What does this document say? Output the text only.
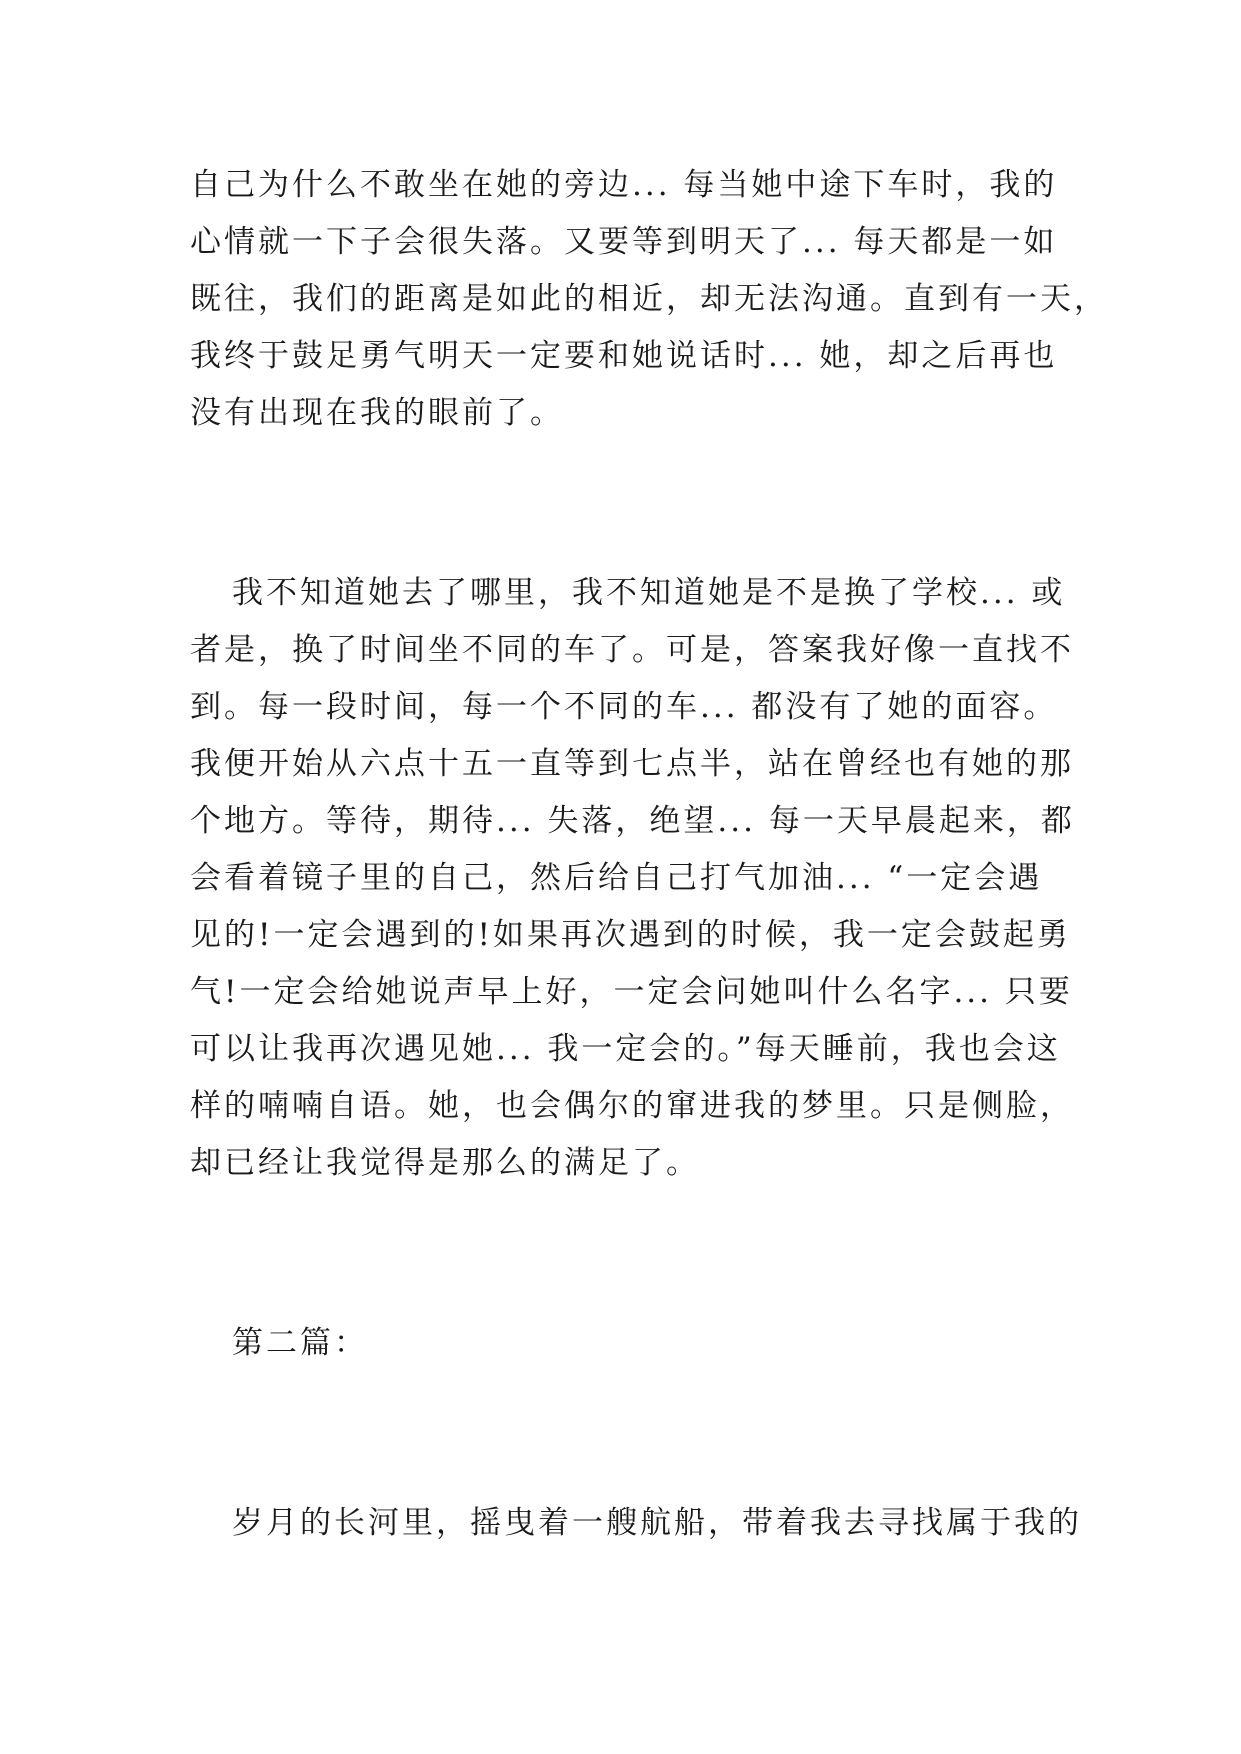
自己为什么不敢坐在她的旁边... 每当她中途下车时，我的
心情就一下子会很失落。又要等到明天了... 每天都是一如
既往，我们的距离是如此的相近，却无法沟通。直到有一天，
我终于鼓足勇气明天一定要和她说话时... 她，却之后再也
没有出现在我的眼前了。
我不知道她去了哪里，我不知道她是不是换了学校... 或
者是，换了时间坐不同的车了。可是，答案我好像一直找不
到。每一段时间，每一个不同的车... 都没有了她的面容。
我便开始从六点十五一直等到七点半，站在曾经也有她的那
个地方。等待，期待... 失落，绝望... 每一天早晨起来，都
会看着镜子里的自己，然后给自己打气加油... “一定会遇
见的!一定会遇到的!如果再次遇到的时候，我一定会鼓起勇
气!一定会给她说声早上好，一定会问她叫什么名字... 只要
可以让我再次遇见她... 我一定会的。”每天睡前，我也会这
样的喃喃自语。她，也会偶尔的窜进我的梦里。只是侧脸，
却已经让我觉得是那么的满足了。
第二篇：
岁月的长河里，摇曳着一艘航船，带着我去寻找属于我的
